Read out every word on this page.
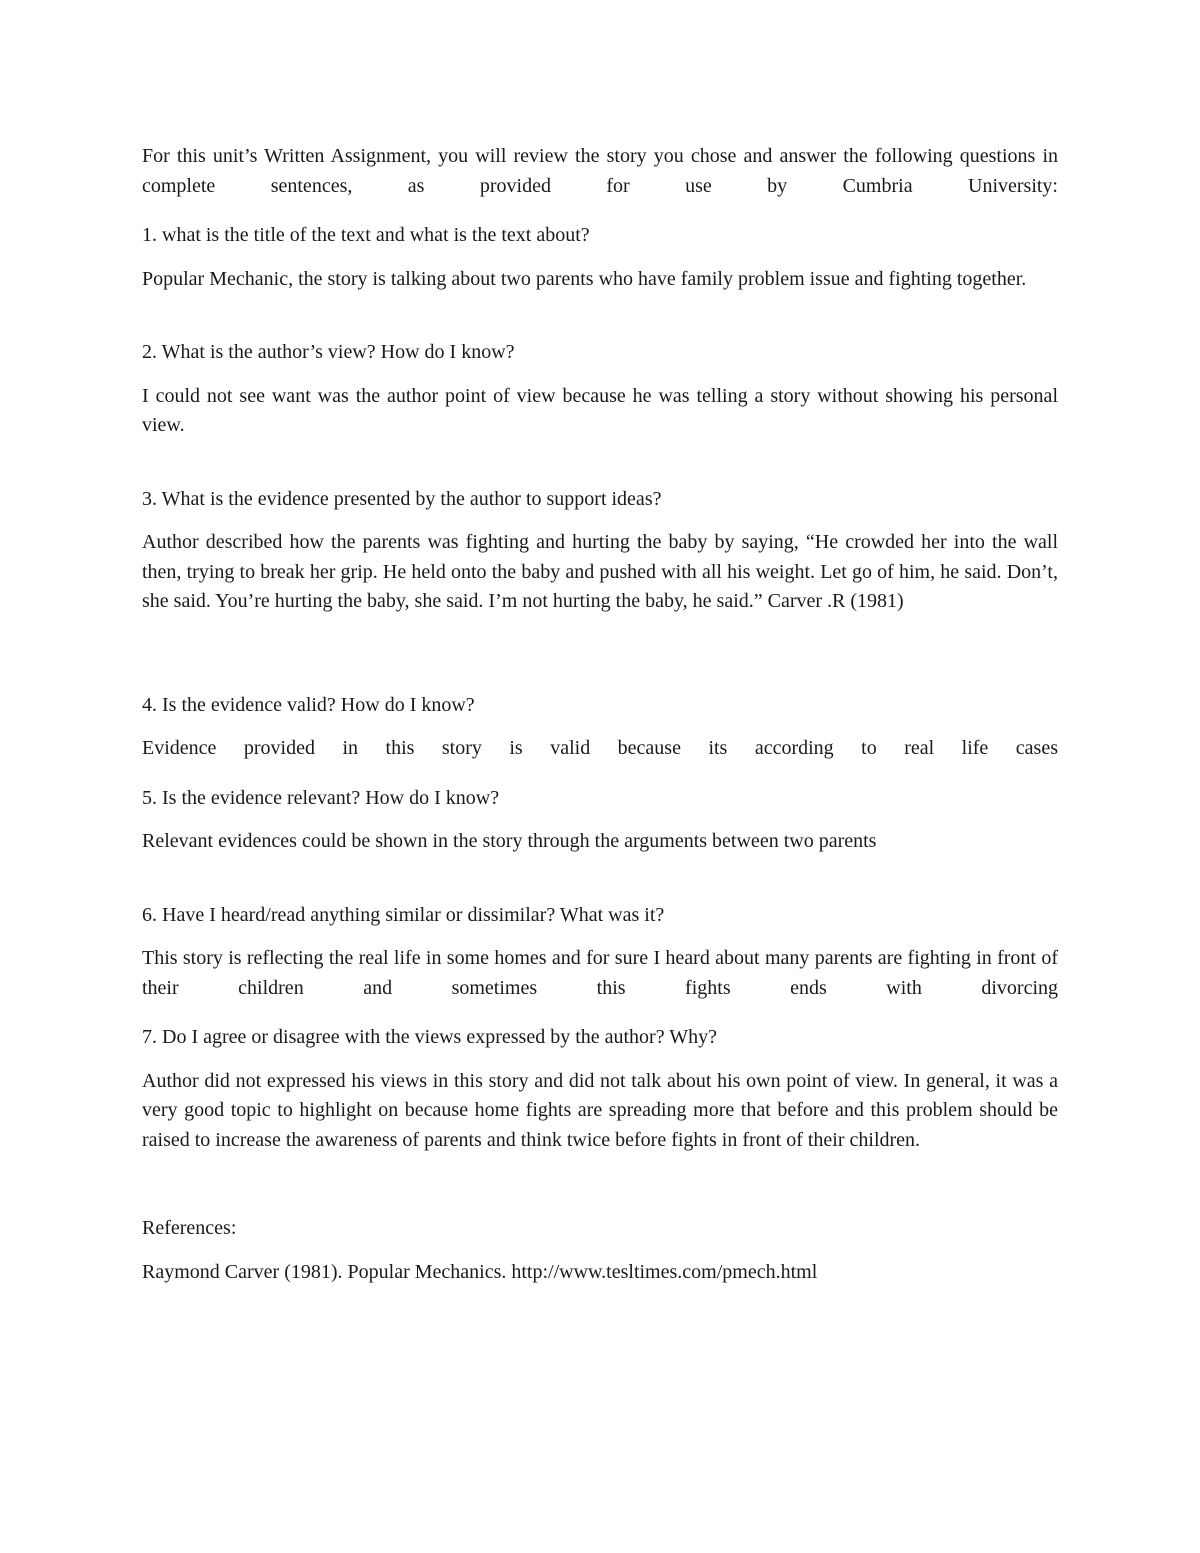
For this unit’s Written Assignment, you will review the story you chose and answer the following questions in complete sentences, as provided for use by Cumbria University:

1. what is the title of the text and what is the text about?

Popular Mechanic, the story is talking about two parents who have family problem issue and fighting together.

2. What is the author’s view? How do I know?

I could not see want was the author point of view because he was telling a story without showing his personal view.

3. What is the evidence presented by the author to support ideas?

Author described how the parents was fighting and hurting the baby by saying, “He crowded her into the wall then, trying to break her grip. He held onto the baby and pushed with all his weight. Let go of him, he said. Don’t, she said. You’re hurting the baby, she said. I’m not hurting the baby, he said.” Carver .R (1981)

4. Is the evidence valid? How do I know?

Evidence provided in this story is valid because its according to real life cases

5. Is the evidence relevant? How do I know?

Relevant evidences could be shown in the story through the arguments between two parents

6. Have I heard/read anything similar or dissimilar? What was it?

This story is reflecting the real life in some homes and for sure I heard about many parents are fighting in front of their children and sometimes this fights ends with divorcing

7. Do I agree or disagree with the views expressed by the author? Why?

Author did not expressed his views in this story and did not talk about his own point of view. In general, it was a very good topic to highlight on because home fights are spreading more that before and this problem should be raised to increase the awareness of parents and think twice before fights in front of their children.

References:

Raymond Carver (1981). Popular Mechanics. http://www.tesltimes.com/pmech.html
